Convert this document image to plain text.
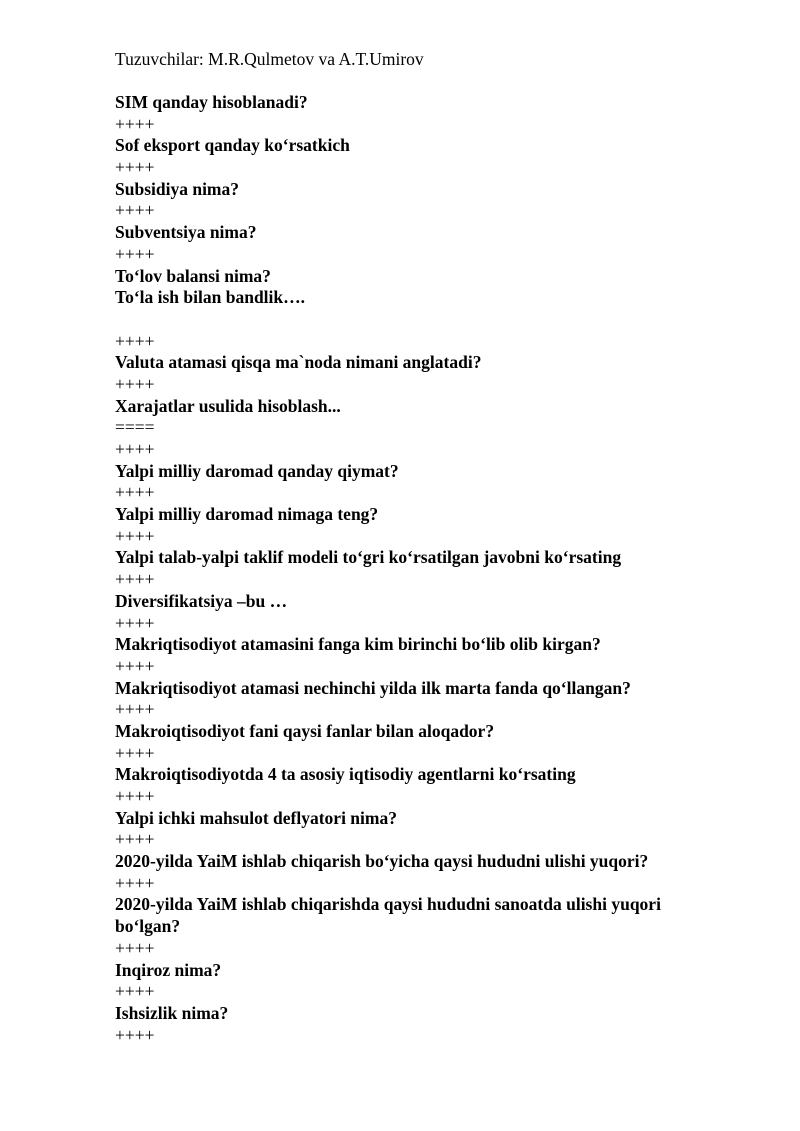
Tuzuvchilar: M.R.Qulmetov va A.T.Umirov
SIM qanday hisoblanadi?
++++
Sof eksport qanday ko‘rsatkich
++++
Subsidiya nima?
++++
Subventsiya nima?
++++
To‘lov balansi nima?
To‘la ish bilan bandlik….
++++
Valuta atamasi qisqa ma`noda nimani anglatadi?
++++
Xarajatlar usulida hisoblash...
====
++++
Yalpi milliy daromad qanday qiymat?
++++
Yalpi milliy daromad nimaga teng?
++++
Yalpi talab-yalpi taklif modeli to‘gri ko‘rsatilgan javobni ko‘rsating
++++
Diversifikatsiya –bu …
++++
Makriqtisodiyot atamasini fanga kim birinchi bo‘lib olib kirgan?
++++
Makriqtisodiyot atamasi nechinchi yilda ilk marta fanda qo‘llangan?
++++
Makroiqtisodiyot fani qaysi fanlar bilan aloqador?
++++
Makroiqtisodiyotda 4 ta asosiy iqtisodiy agentlarni ko‘rsating
++++
Yalpi ichki mahsulot deflyatori nima?
++++
2020-yilda YaiM ishlab chiqarish bo‘yicha qaysi hududni ulishi yuqori?
++++
2020-yilda YaiM ishlab chiqarishda qaysi hududni sanoatda ulishi yuqori
bo‘lgan?
++++
Inqiroz nima?
++++
Ishsizlik nima?
++++
